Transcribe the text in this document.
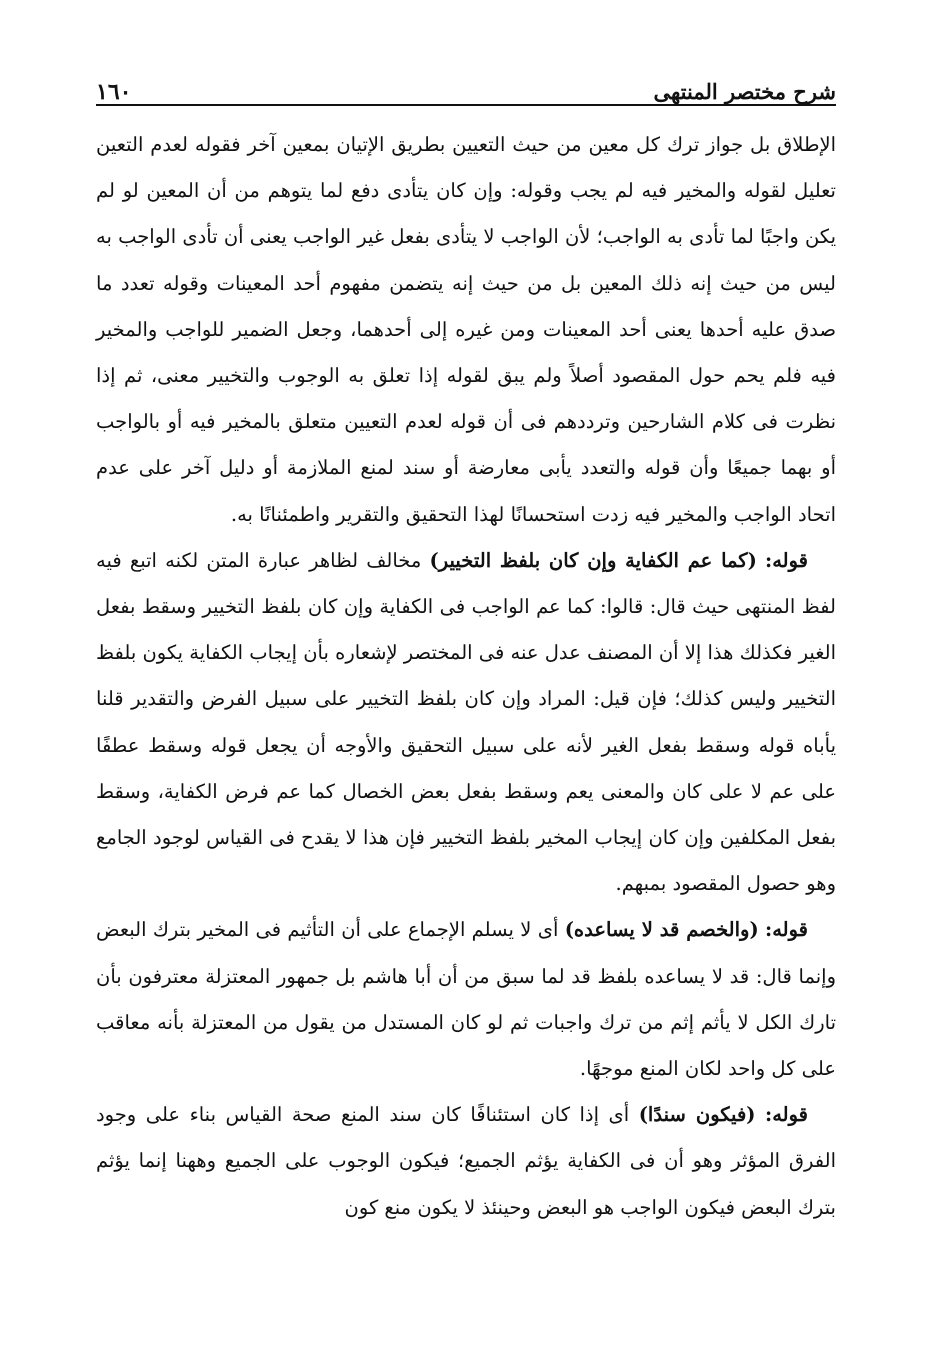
شرح مختصر المنتهى
١٦٠

الإطلاق بل جواز ترك كل معين من حيث التعيين بطريق الإتيان بمعين آخر فقوله لعدم التعين تعليل لقوله والمخير فيه لم يجب وقوله: وإن كان يتأدى دفع لما يتوهم من أن المعين لو لم يكن واجبًا لما تأدى به الواجب؛ لأن الواجب لا يتأدى بفعل غير الواجب يعنى أن تأدى الواجب به ليس من حيث إنه ذلك المعين بل من حيث إنه يتضمن مفهوم أحد المعينات وقوله تعدد ما صدق عليه أحدها يعنى أحد المعينات ومن غيره إلى أحدهما، وجعل الضمير للواجب والمخير فيه فلم يحم حول المقصود أصلاً ولم يبق لقوله إذا تعلق به الوجوب والتخيير معنى، ثم إذا نظرت فى كلام الشارحين وترددهم فى أن قوله لعدم التعيين متعلق بالمخير فيه أو بالواجب أو بهما جميعًا وأن قوله والتعدد يأبى معارضة أو سند لمنع الملازمة أو دليل آخر على عدم اتحاد الواجب والمخير فيه زدت استحسانًا لهذا التحقيق والتقرير واطمئنانًا به.

قوله: (كما عم الكفاية وإن كان بلفظ التخيير) مخالف لظاهر عبارة المتن لكنه اتبع فيه لفظ المنتهى حيث قال: قالوا: كما عم الواجب فى الكفاية وإن كان بلفظ التخيير وسقط بفعل الغير فكذلك هذا إلا أن المصنف عدل عنه فى المختصر لإشعاره بأن إيجاب الكفاية يكون بلفظ التخيير وليس كذلك؛ فإن قيل: المراد وإن كان بلفظ التخيير على سبيل الفرض والتقدير قلنا يأباه قوله وسقط بفعل الغير لأنه على سبيل التحقيق والأوجه أن يجعل قوله وسقط عطفًا على عم لا على كان والمعنى يعم وسقط بفعل بعض الخصال كما عم فرض الكفاية، وسقط بفعل المكلفين وإن كان إيجاب المخير بلفظ التخيير فإن هذا لا يقدح فى القياس لوجود الجامع وهو حصول المقصود بمبهم.

قوله: (والخصم قد لا يساعده) أى لا يسلم الإجماع على أن التأثيم فى المخير بترك البعض وإنما قال: قد لا يساعده بلفظ قد لما سبق من أن أبا هاشم بل جمهور المعتزلة معترفون بأن تارك الكل لا يأثم إثم من ترك واجبات ثم لو كان المستدل من يقول من المعتزلة بأنه معاقب على كل واحد لكان المنع موجهًا.

قوله: (فيكون سندًا) أى إذا كان استئنافًا كان سند المنع صحة القياس بناء على وجود الفرق المؤثر وهو أن فى الكفاية يؤثم الجميع؛ فيكون الوجوب على الجميع وههنا إنما يؤثم بترك البعض فيكون الواجب هو البعض وحينئذ لا يكون منع كون
